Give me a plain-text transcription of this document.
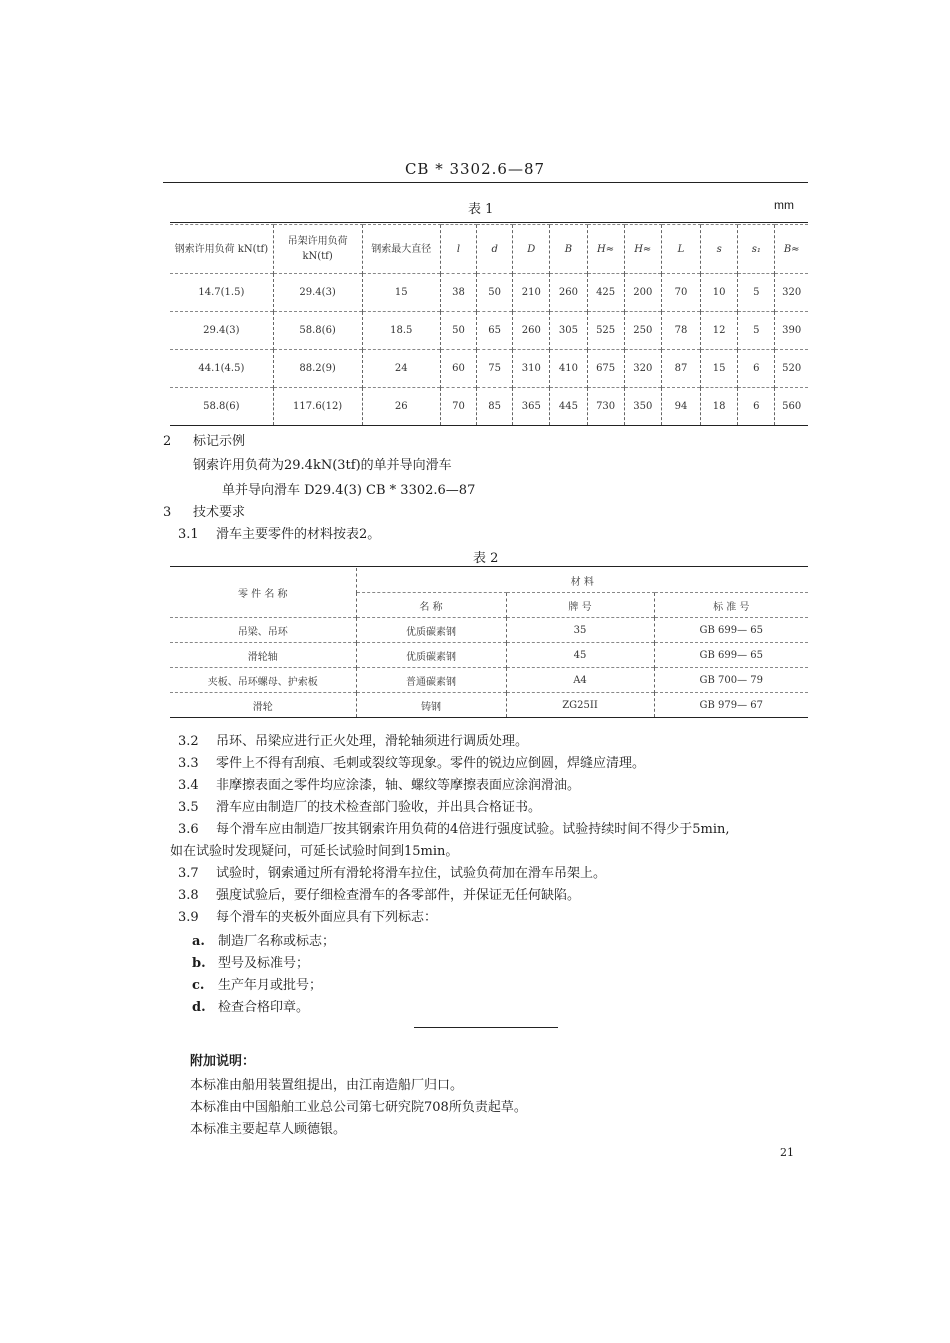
CB * 3302.6—87
表 1	mm
钢索许用负荷 kN(tf)	吊架许用负荷 kN(tf)	钢索最大直径	l	d	D	B	H≈	H≈	L	s	s₁	B≈
14.7(1.5)	29.4(3)	15	38	50	210	260	425	200	70	10	5	320
29.4(3)	58.8(6)	18.5	50	65	260	305	525	250	78	12	5	390
44.1(4.5)	88.2(9)	24	60	75	310	410	675	320	87	15	6	520
58.8(6)	117.6(12)	26	70	85	365	445	730	350	94	18	6	560
2 标记示例
钢索许用负荷为29.4kN(3tf)的单并导向滑车
单并导向滑车 D29.4(3) CB * 3302.6—87
3 技术要求
3.1 滑车主要零件的材料按表2。
表 2
零 件 名 称	材 料		
	名 称	牌 号	标 准 号
吊梁、吊环	优质碳素钢	35	GB 699— 65
滑轮轴	优质碳素钢	45	GB 699— 65
夹板、吊环螺母、护索板	普通碳素钢	A4	GB 700— 79
滑轮	铸钢	ZG25II	GB 979— 67
3.2 吊环、吊梁应进行正火处理，滑轮轴须进行调质处理。
3.3 零件上不得有刮痕、毛刺或裂纹等现象。零件的锐边应倒圆，焊缝应清理。
3.4 非摩擦表面之零件均应涂漆，轴、螺纹等摩擦表面应涂润滑油。
3.5 滑车应由制造厂的技术检查部门验收，并出具合格证书。
3.6 每个滑车应由制造厂按其钢索许用负荷的4倍进行强度试验。试验持续时间不得少于5min,
如在试验时发现疑问，可延长试验时间到15min。
3.7 试验时，钢索通过所有滑轮将滑车拉住，试验负荷加在滑车吊架上。
3.8 强度试验后，要仔细检查滑车的各零部件，并保证无任何缺陷。
3.9 每个滑车的夹板外面应具有下列标志：
a. 制造厂名称或标志；
b. 型号及标准号；
c. 生产年月或批号；
d. 检查合格印章。
附加说明：
本标准由船用装置组提出，由江南造船厂归口。
本标准由中国船舶工业总公司第七研究院708所负责起草。
本标准主要起草人顾德银。
21
